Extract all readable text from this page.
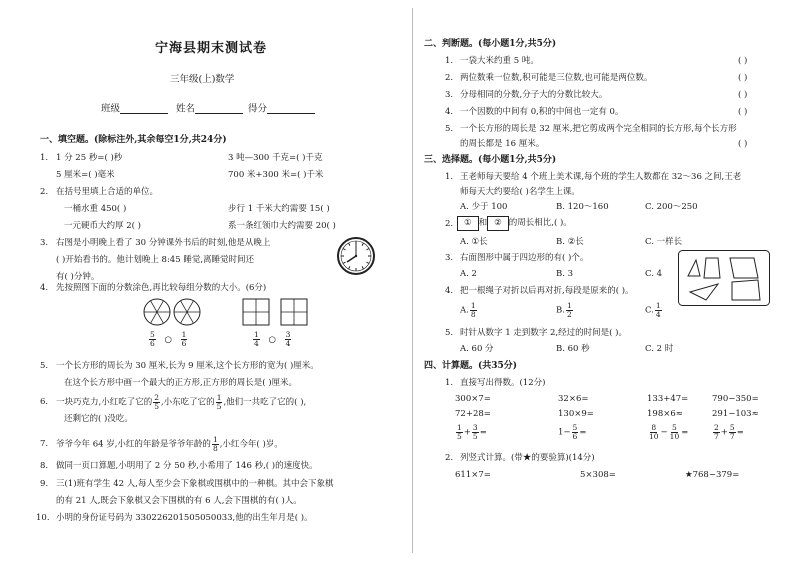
宁海县期末测试卷
三年级(上)数学
班级	姓名	得分
一、填空题。(除标注外,其余每空1分,共24分)
1. 1 分 25 秒=( )秒	3 吨—300 千克=( )千克
5 厘米=( )毫米	700 米+300 米=( )千米
2. 在括号里填上合适的单位。
一桶水重 450( )	步行 1 千米大约需要 15( )
一元硬币大约厚 2( )	系一条红领巾大约需要 20( )
3. 右图是小明晚上看了 30 分钟课外书后的时刻,他是从晚上
( )开始看书的。他计划晚上 8:45 睡觉,离睡觉时间还
有( )分钟。
4. 先按照图下面的分数涂色,再比较每组分数的大小。(6分)
$\frac{5}{6}$ ○ $\frac{1}{6}$	$\frac{1}{4}$ ○ $\frac{3}{4}$
5. 一个长方形的周长为 30 厘米,长为 9 厘米,这个长方形的宽为( )厘米。
在这个长方形中画一个最大的正方形,正方形的周长是( )厘米。
6. 一块巧克力,小红吃了它的 $\frac{2}{5}$ ,小东吃了它的 $\frac{1}{5}$ ,他们一共吃了它的( ),
还剩它的( )没吃。
7. 爷爷今年 64 岁,小红的年龄是爷爷年龄的 $\frac{1}{8}$ ,小红今年( )岁。
8. 做同一页口算题,小明用了 2 分 50 秒,小希用了 146 秒,( )的速度快。
9. 三(1)班有学生 42 人,每人至少会下象棋或围棋中的一种棋。其中会下象棋
的有 21 人,既会下象棋又会下围棋的有 6 人,会下围棋的有( )人。
10. 小明的身份证号码为 330226201505050033,他的出生年月是( )。
二、判断题。(每小题1分,共5分)
1. 一袋大米约重 5 吨。	( )
2. 两位数乘一位数,积可能是三位数,也可能是两位数。	( )
3. 分母相同的分数,分子大的分数比较大。	( )
4. 一个因数的中间有 0,积的中间也一定有 0。	( )
5. 一个长方形的周长是 32 厘米,把它剪成两个完全相同的长方形,每个长方形
的周长都是 16 厘米。	( )
三、选择题。(每小题1分,共5分)
1. 王老师每天要给 4 个班上美术课,每个班的学生人数都在 32～36 之间,王老
师每天大约要给( )名学生上课。
A. 少于 100	B. 120～160	C. 200～250
2.	① 和 ② 的周长相比,( )。
A. ①长	B. ②长	C. 一样长
3. 右面图形中属于四边形的有( )个。
A. 2	B. 3	C. 4
4. 把一根绳子对折以后再对折,每段是原来的( )。
A. $\frac{1}{8}$	B. $\frac{1}{2}$	C. $\frac{1}{4}$
5. 时针从数字 1 走到数字 2,经过的时间是( )。
A. 60 分	B. 60 秒	C. 2 时
四、计算题。(共35分)
1. 直接写出得数。(12分)
300×7=	32×6=	133+47=	790−350=
72+28=	130×9=	198×6≈	291−103≈
$\frac{1}{5} + \frac{3}{5}$ =	$1- \frac{5}{6}$ =	$\frac{8}{10} - \frac{5}{10}$ =	$\frac{2}{7} + \frac{5}{7}$ =
2. 列竖式计算。(带★的要验算)(14分)
611×7=	5×308=	★768−379=
